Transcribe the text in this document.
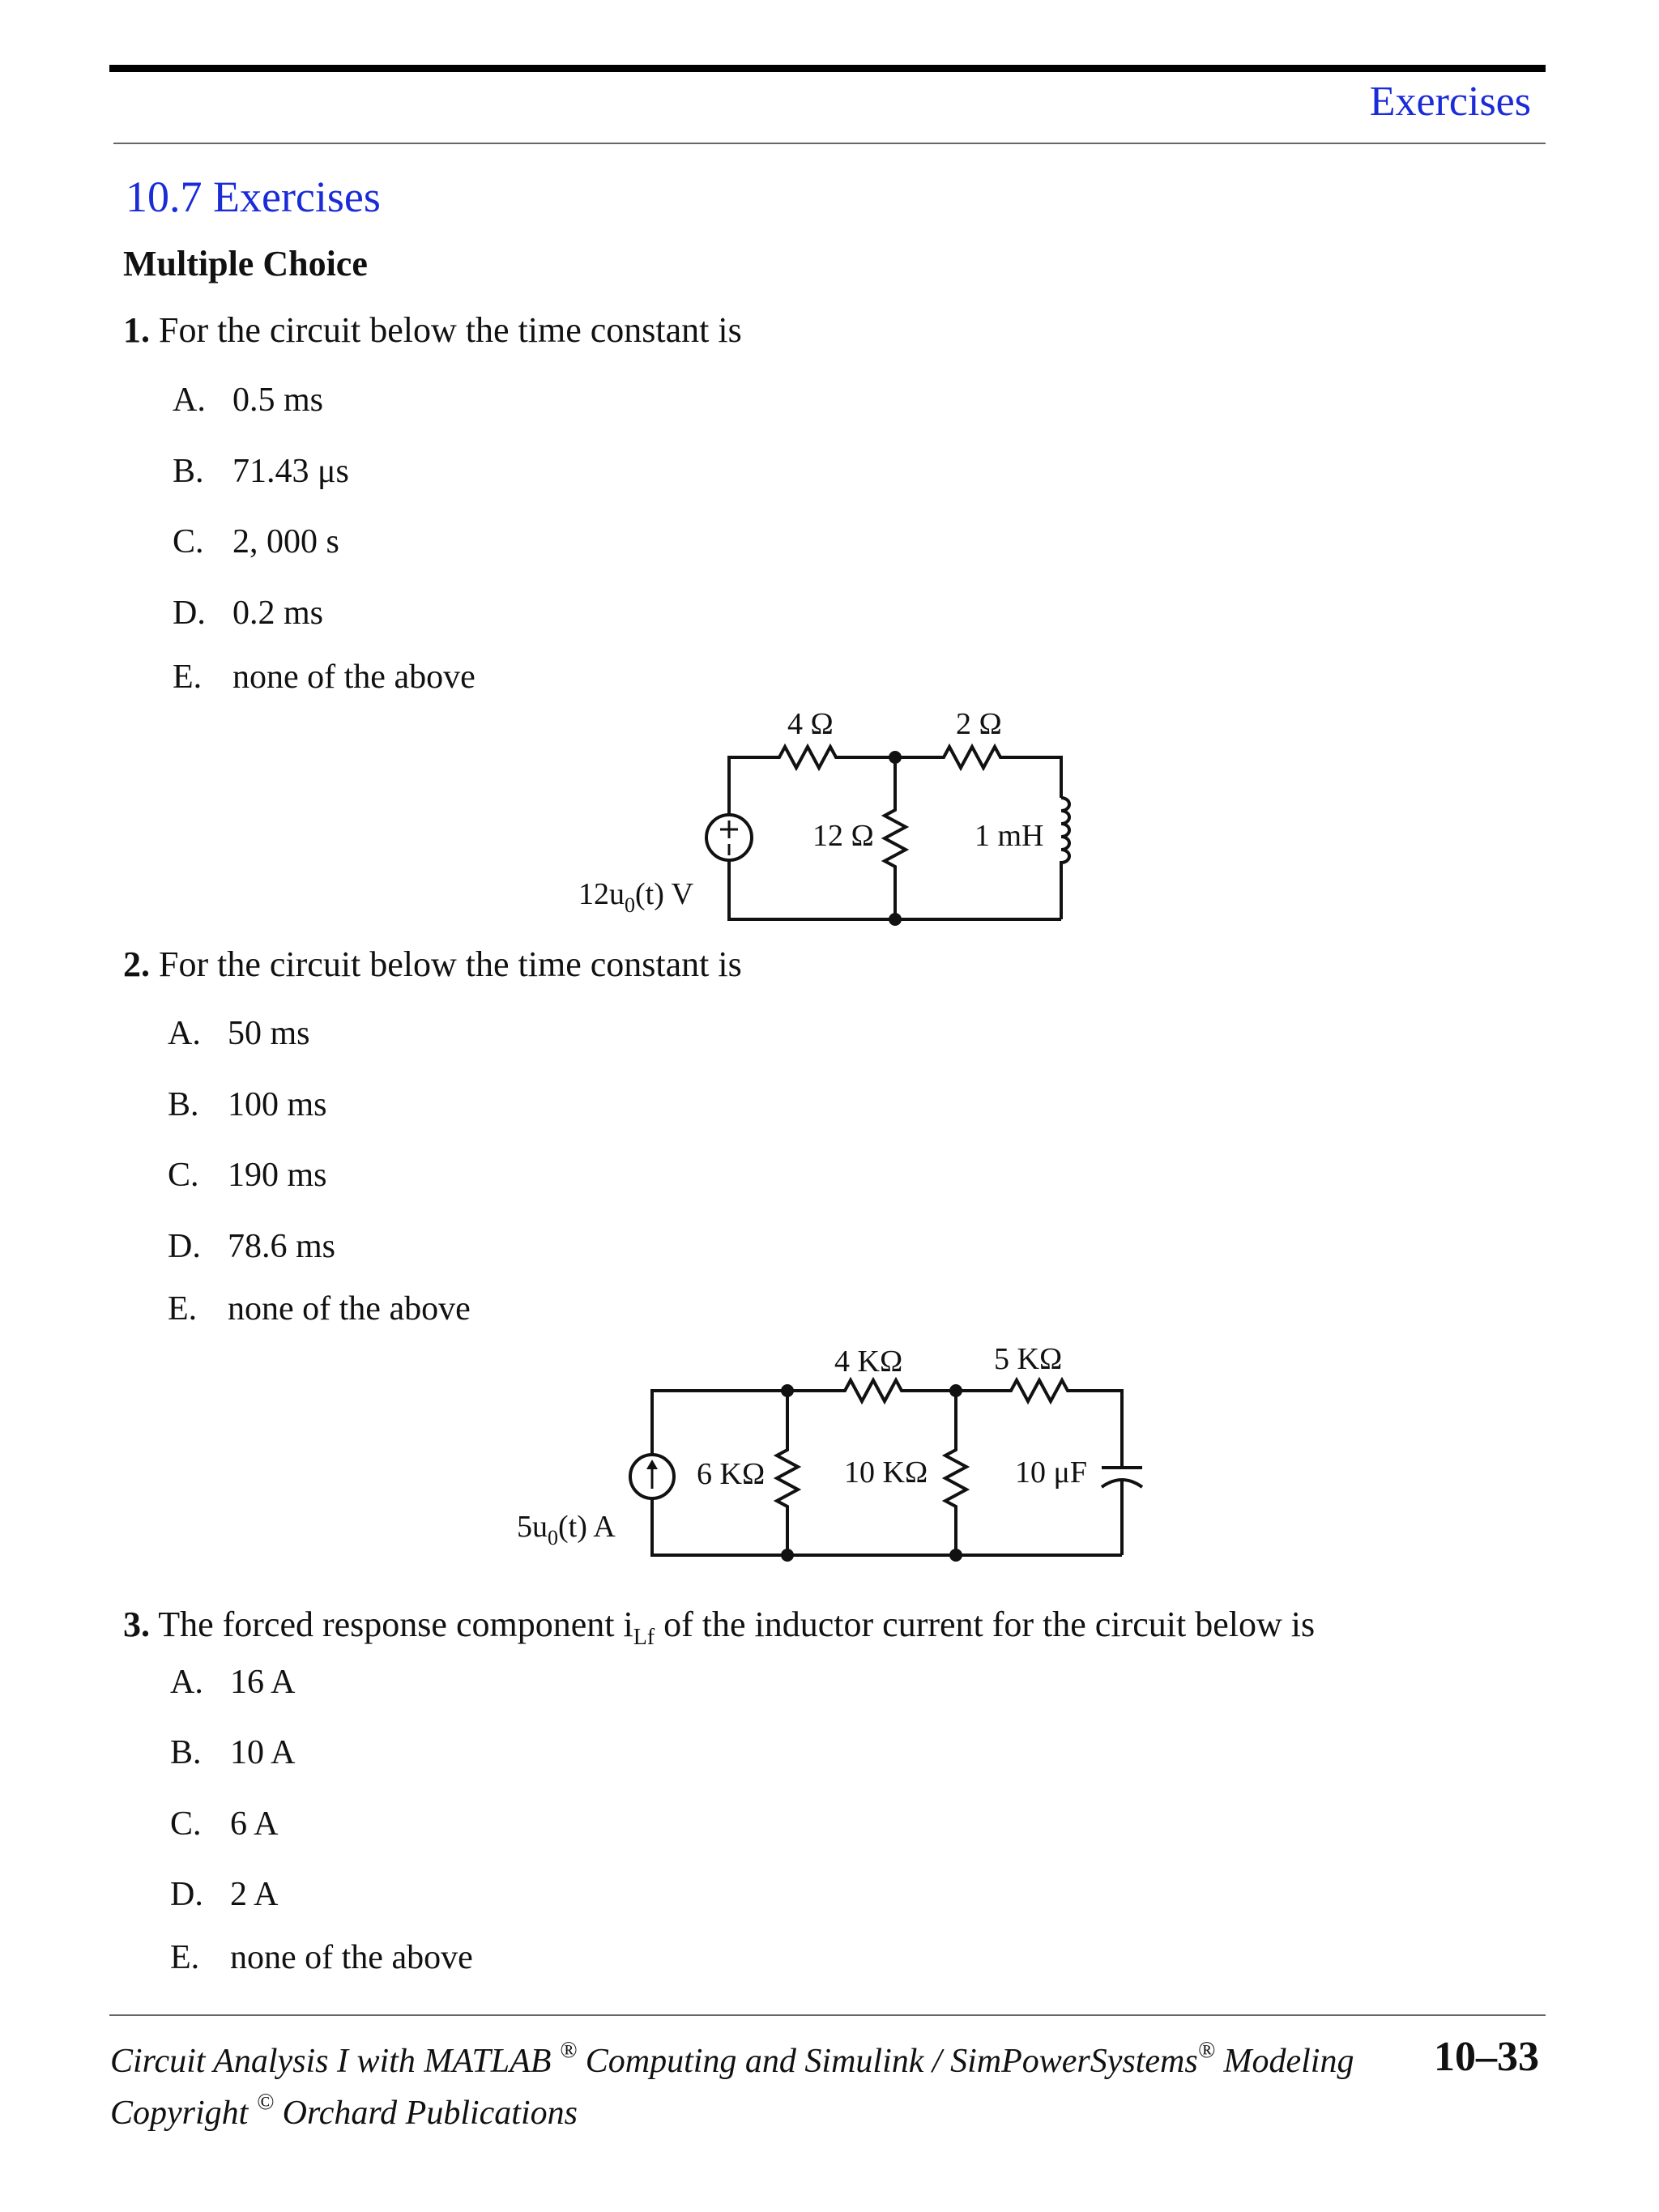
Exercises
10.7 Exercises
Multiple Choice
1. For the circuit below the time constant is
A. 0.5 ms
B. 71.43 μs
C. 2, 000 s
D. 0.2 ms
E. none of the above
2. For the circuit below the time constant is
A. 50 ms
B. 100 ms
C. 190 ms
D. 78.6 ms
E. none of the above
3. The forced response component $i_{Lf}$ of the inductor current for the circuit below is
A. 16 A
B. 10 A
C. 6 A
D. 2 A
E. none of the above
4 Ω	2 Ω
12 Ω	1 mH
$12u_0(t)$ V
4 KΩ	5 KΩ
6 KΩ	10 KΩ	10 μF
$5u_0(t)$ A
Circuit Analysis I with MATLAB ® Computing and Simulink / SimPowerSystems® Modeling 10–33
Copyright © Orchard Publications
